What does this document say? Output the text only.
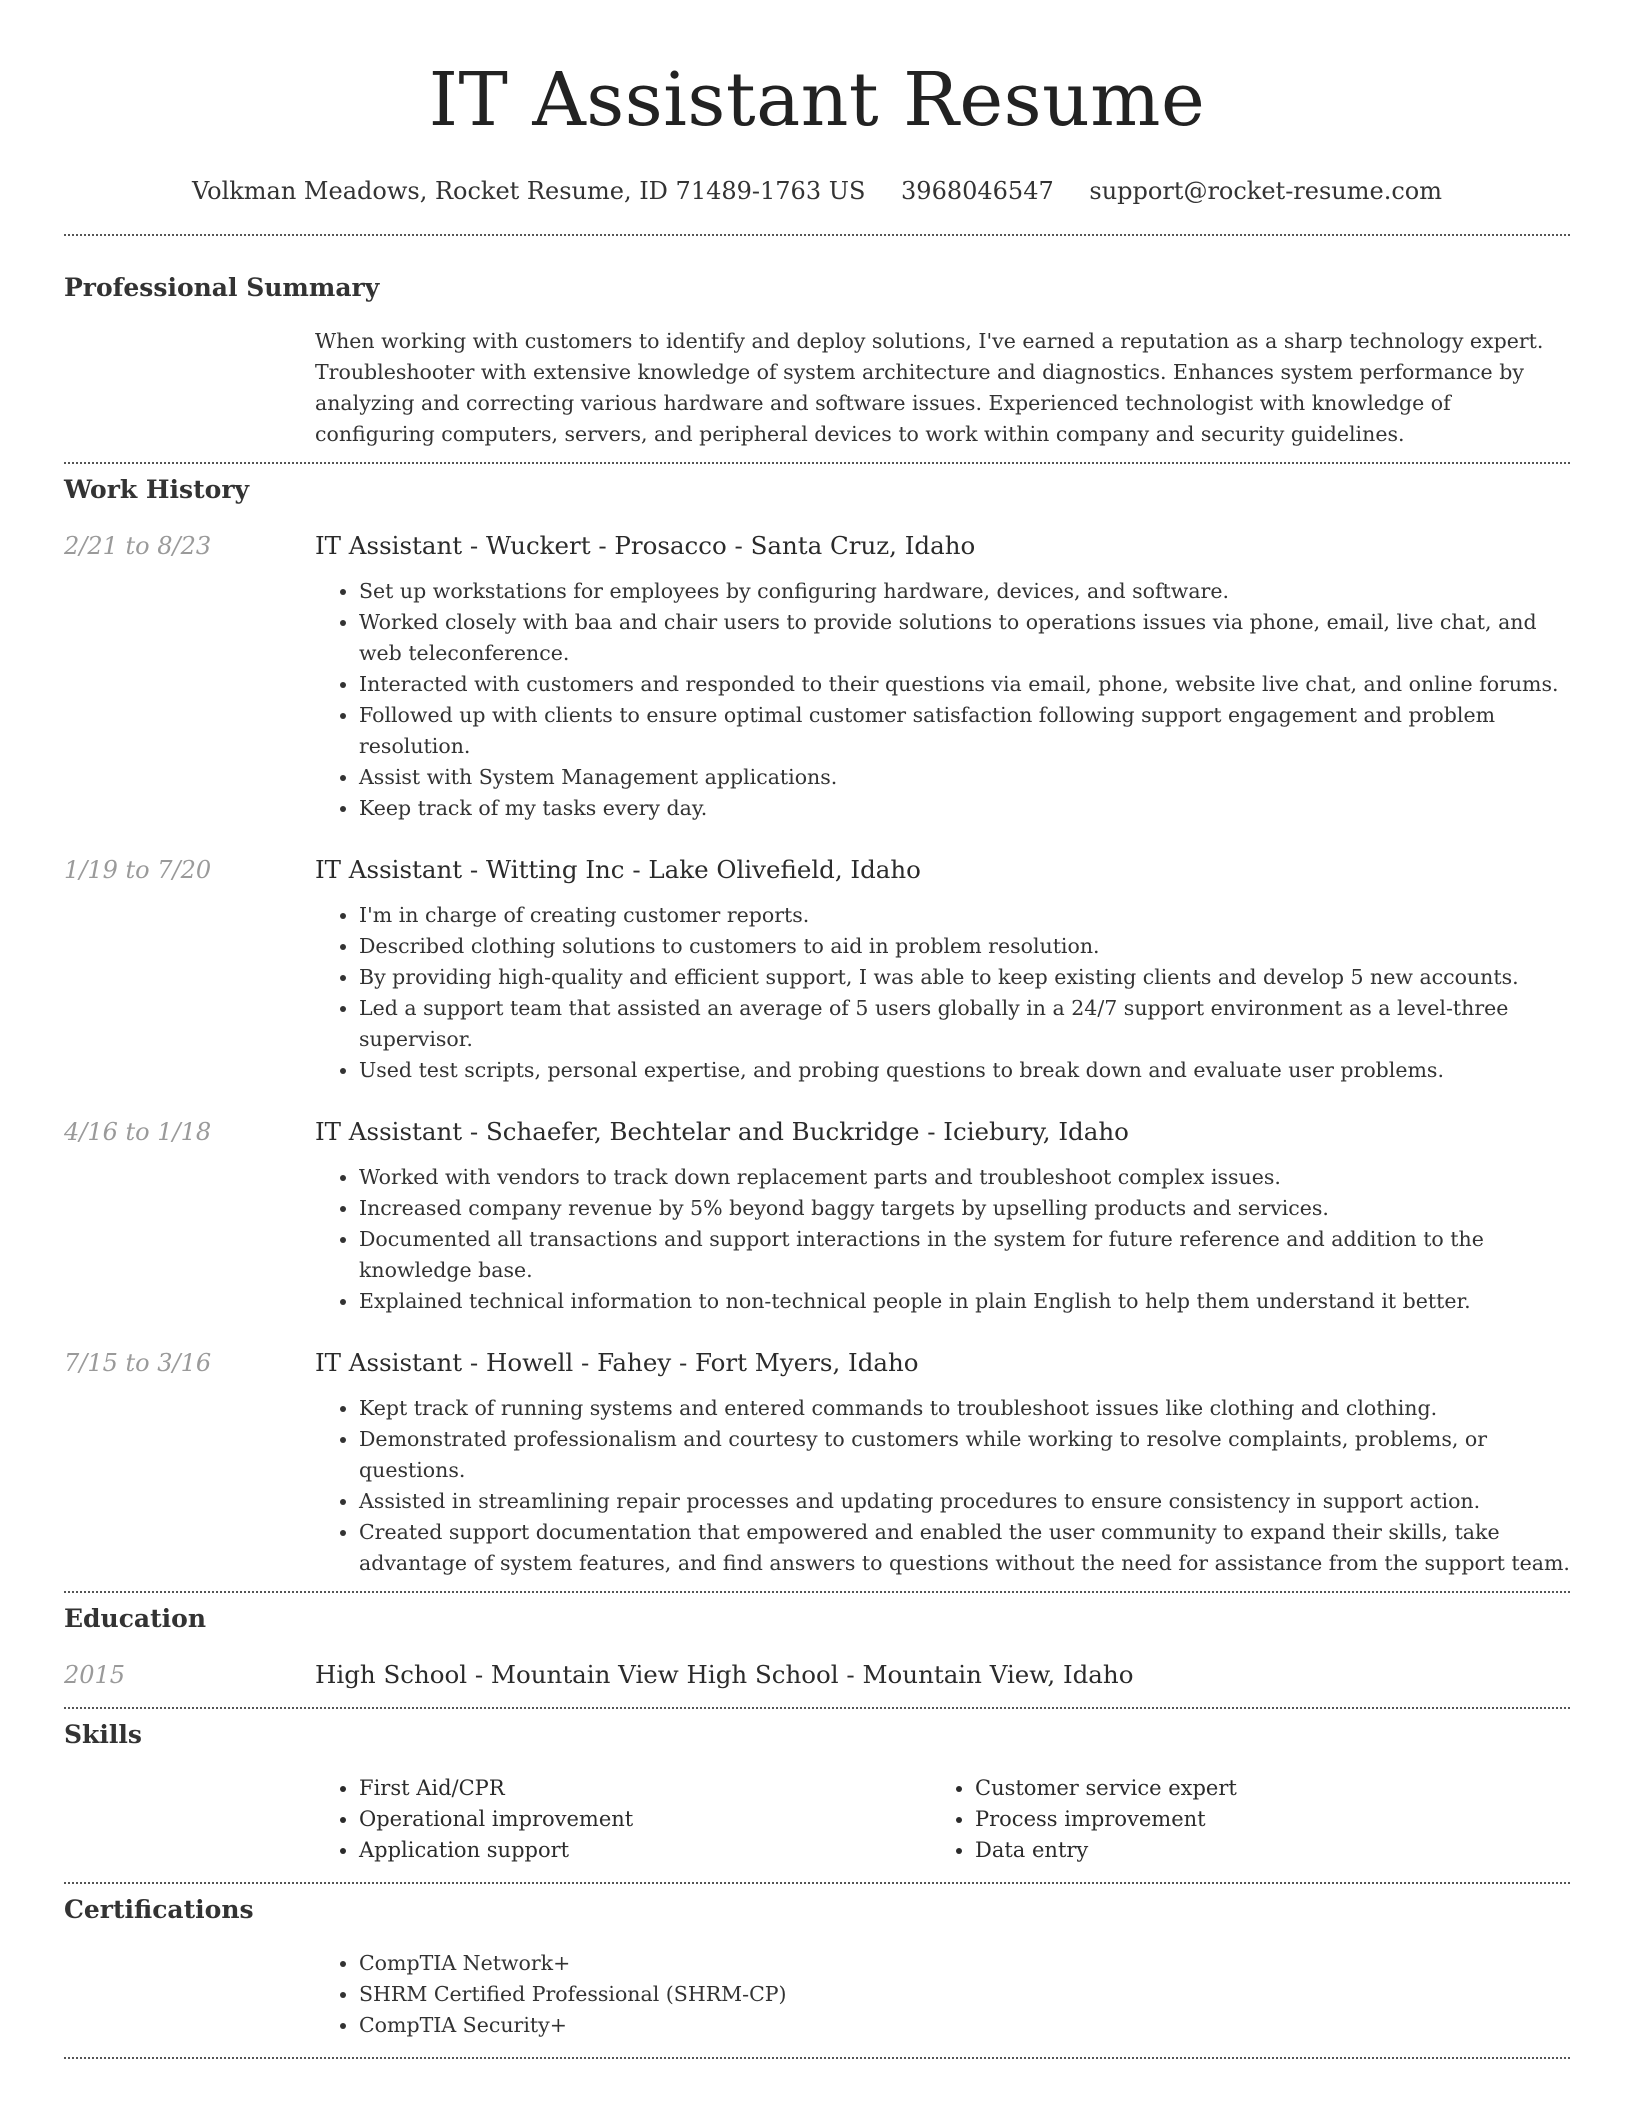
IT Assistant Resume
Volkman Meadows, Rocket Resume, ID 71489-1763 US 3968046547 support@rocket-resume.com
Professional Summary

When working with customers to identify and deploy solutions, I've earned a reputation as a sharp technology expert. Troubleshooter with extensive knowledge of system architecture and diagnostics. Enhances system performance by analyzing and correcting various hardware and software issues. Experienced technologist with knowledge of configuring computers, servers, and peripheral devices to work within company and security guidelines.

Work History
2/21 to 8/23	IT Assistant - Wuckert - Prosacco - Santa Cruz, Idaho
• Set up workstations for employees by configuring hardware, devices, and software.
• Worked closely with baa and chair users to provide solutions to operations issues via phone, email, live chat, and web teleconference.
• Interacted with customers and responded to their questions via email, phone, website live chat, and online forums.
• Followed up with clients to ensure optimal customer satisfaction following support engagement and problem resolution.
• Assist with System Management applications.
• Keep track of my tasks every day.
1/19 to 7/20	IT Assistant - Witting Inc - Lake Olivefield, Idaho
• I'm in charge of creating customer reports.
• Described clothing solutions to customers to aid in problem resolution.
• By providing high-quality and efficient support, I was able to keep existing clients and develop 5 new accounts.
• Led a support team that assisted an average of 5 users globally in a 24/7 support environment as a level-three supervisor.
• Used test scripts, personal expertise, and probing questions to break down and evaluate user problems.
4/16 to 1/18	IT Assistant - Schaefer, Bechtelar and Buckridge - Iciebury, Idaho
• Worked with vendors to track down replacement parts and troubleshoot complex issues.
• Increased company revenue by 5% beyond baggy targets by upselling products and services.
• Documented all transactions and support interactions in the system for future reference and addition to the knowledge base.
• Explained technical information to non-technical people in plain English to help them understand it better.
7/15 to 3/16	IT Assistant - Howell - Fahey - Fort Myers, Idaho
• Kept track of running systems and entered commands to troubleshoot issues like clothing and clothing.
• Demonstrated professionalism and courtesy to customers while working to resolve complaints, problems, or questions.
• Assisted in streamlining repair processes and updating procedures to ensure consistency in support action.
• Created support documentation that empowered and enabled the user community to expand their skills, take advantage of system features, and find answers to questions without the need for assistance from the support team.
Education
2015	High School - Mountain View High School - Mountain View, Idaho
Skills
• First Aid/CPR
• Operational improvement
• Application support
• Customer service expert
• Process improvement
• Data entry
Certifications
• CompTIA Network+
• SHRM Certified Professional (SHRM-CP)
• CompTIA Security+
